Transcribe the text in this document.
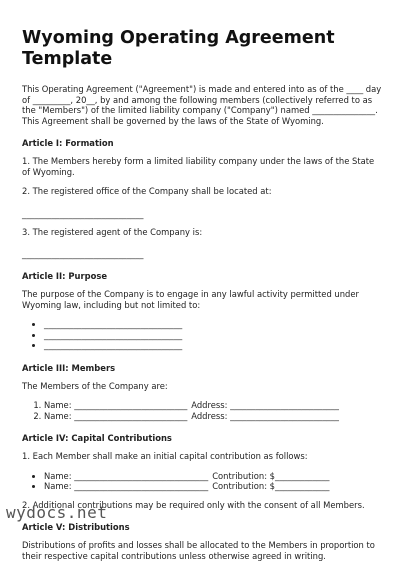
Wyoming Operating Agreement Template

This Operating Agreement ("Agreement") is made and entered into as of the ____ day of _________, 20__, by and among the following members (collectively referred to as the "Members") of the limited liability company ("Company") named _______________. This Agreement shall be governed by the laws of the State of Wyoming.

Article I: Formation

1. The Members hereby form a limited liability company under the laws of the State of Wyoming.

2. The registered office of the Company shall be located at:

_____________________________

3. The registered agent of the Company is:

_____________________________
Article II: Purpose

The purpose of the Company is to engage in any lawful activity permitted under Wyoming law, including but not limited to:

• _________________________________
• _________________________________
• _________________________________
Article III: Members

The Members of the Company are:

1. Name: ___________________________ Address: __________________________
2. Name: ___________________________ Address: __________________________
Article IV: Capital Contributions

1. Each Member shall make an initial capital contribution as follows:

• Name: ________________________________ Contribution: $_____________
• Name: ________________________________ Contribution: $_____________

2. Additional contributions may be required only with the consent of all Members.

Article V: Distributions

Distributions of profits and losses shall be allocated to the Members in proportion to their respective capital contributions unless otherwise agreed in writing.

wydocs.net
